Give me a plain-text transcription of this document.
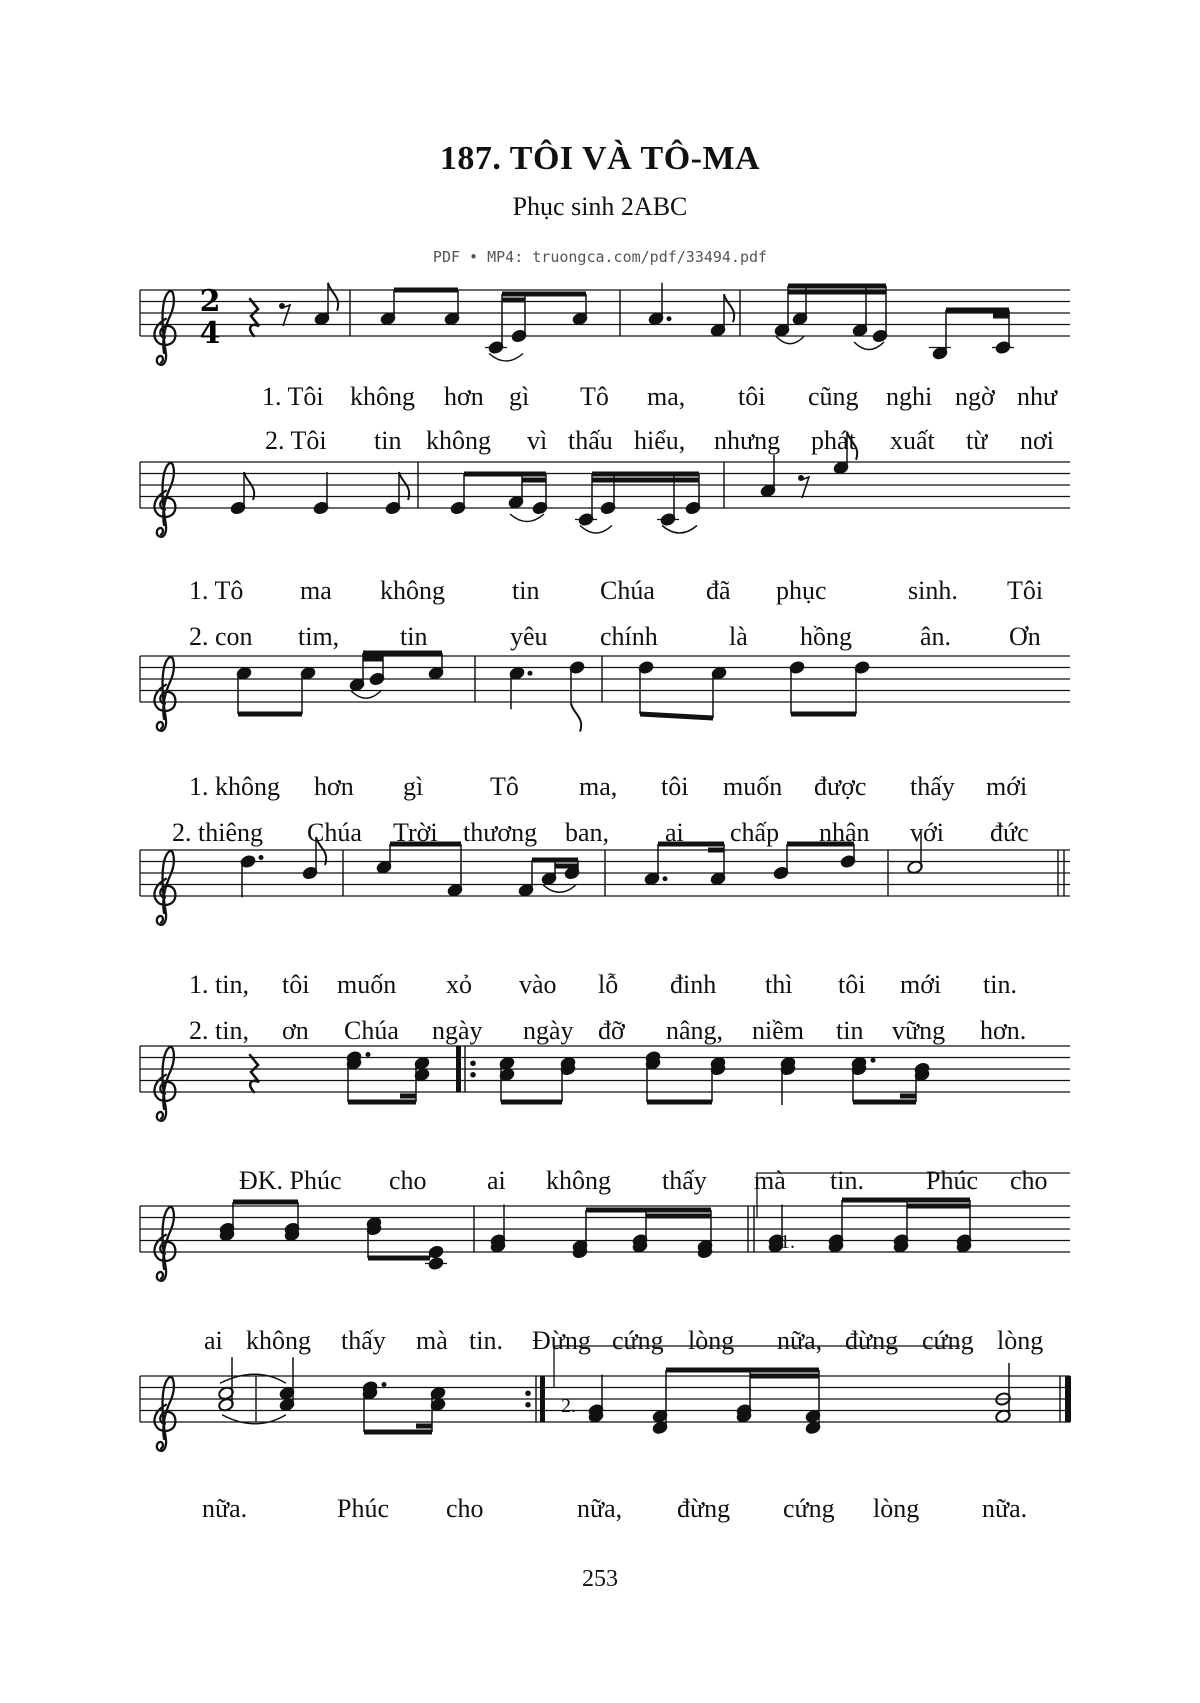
187. TÔI VÀ TÔ-MA
Phục sinh 2ABC
PDF • MP4: truongca.com/pdf/33494.pdf
2
4
1.
2.
1. Tôi không hơn gì Tô ma, tôi cũng nghi ngờ như
2. Tôi tin không vì thấu hiểu, nhưng phát xuất từ nơi
1. Tô ma không	tin Chúa đã phục	sinh. Tôi
2. con tim, tin	yêu chính	là hồng	ân. Ơn
1. không hơn gì	Tô ma, tôi muốn được thấy mới
2. thiêng Chúa Trời thương ban, ai chấp nhận với đức
1. tin, tôi muốn xỏ vào lỗ đinh thì tôi mới tin.
2. tin, ơn Chúa ngày ngày đỡ nâng, niềm tin vững hơn.
ĐK. Phúc cho ai không thấy mà tin. Phúc cho
ai không thấy mà tin. Đừng cứng lòng nữa, đừng cứng lòng
nữa.	Phúc cho	nữa, đừng cứng lòng nữa.
253
